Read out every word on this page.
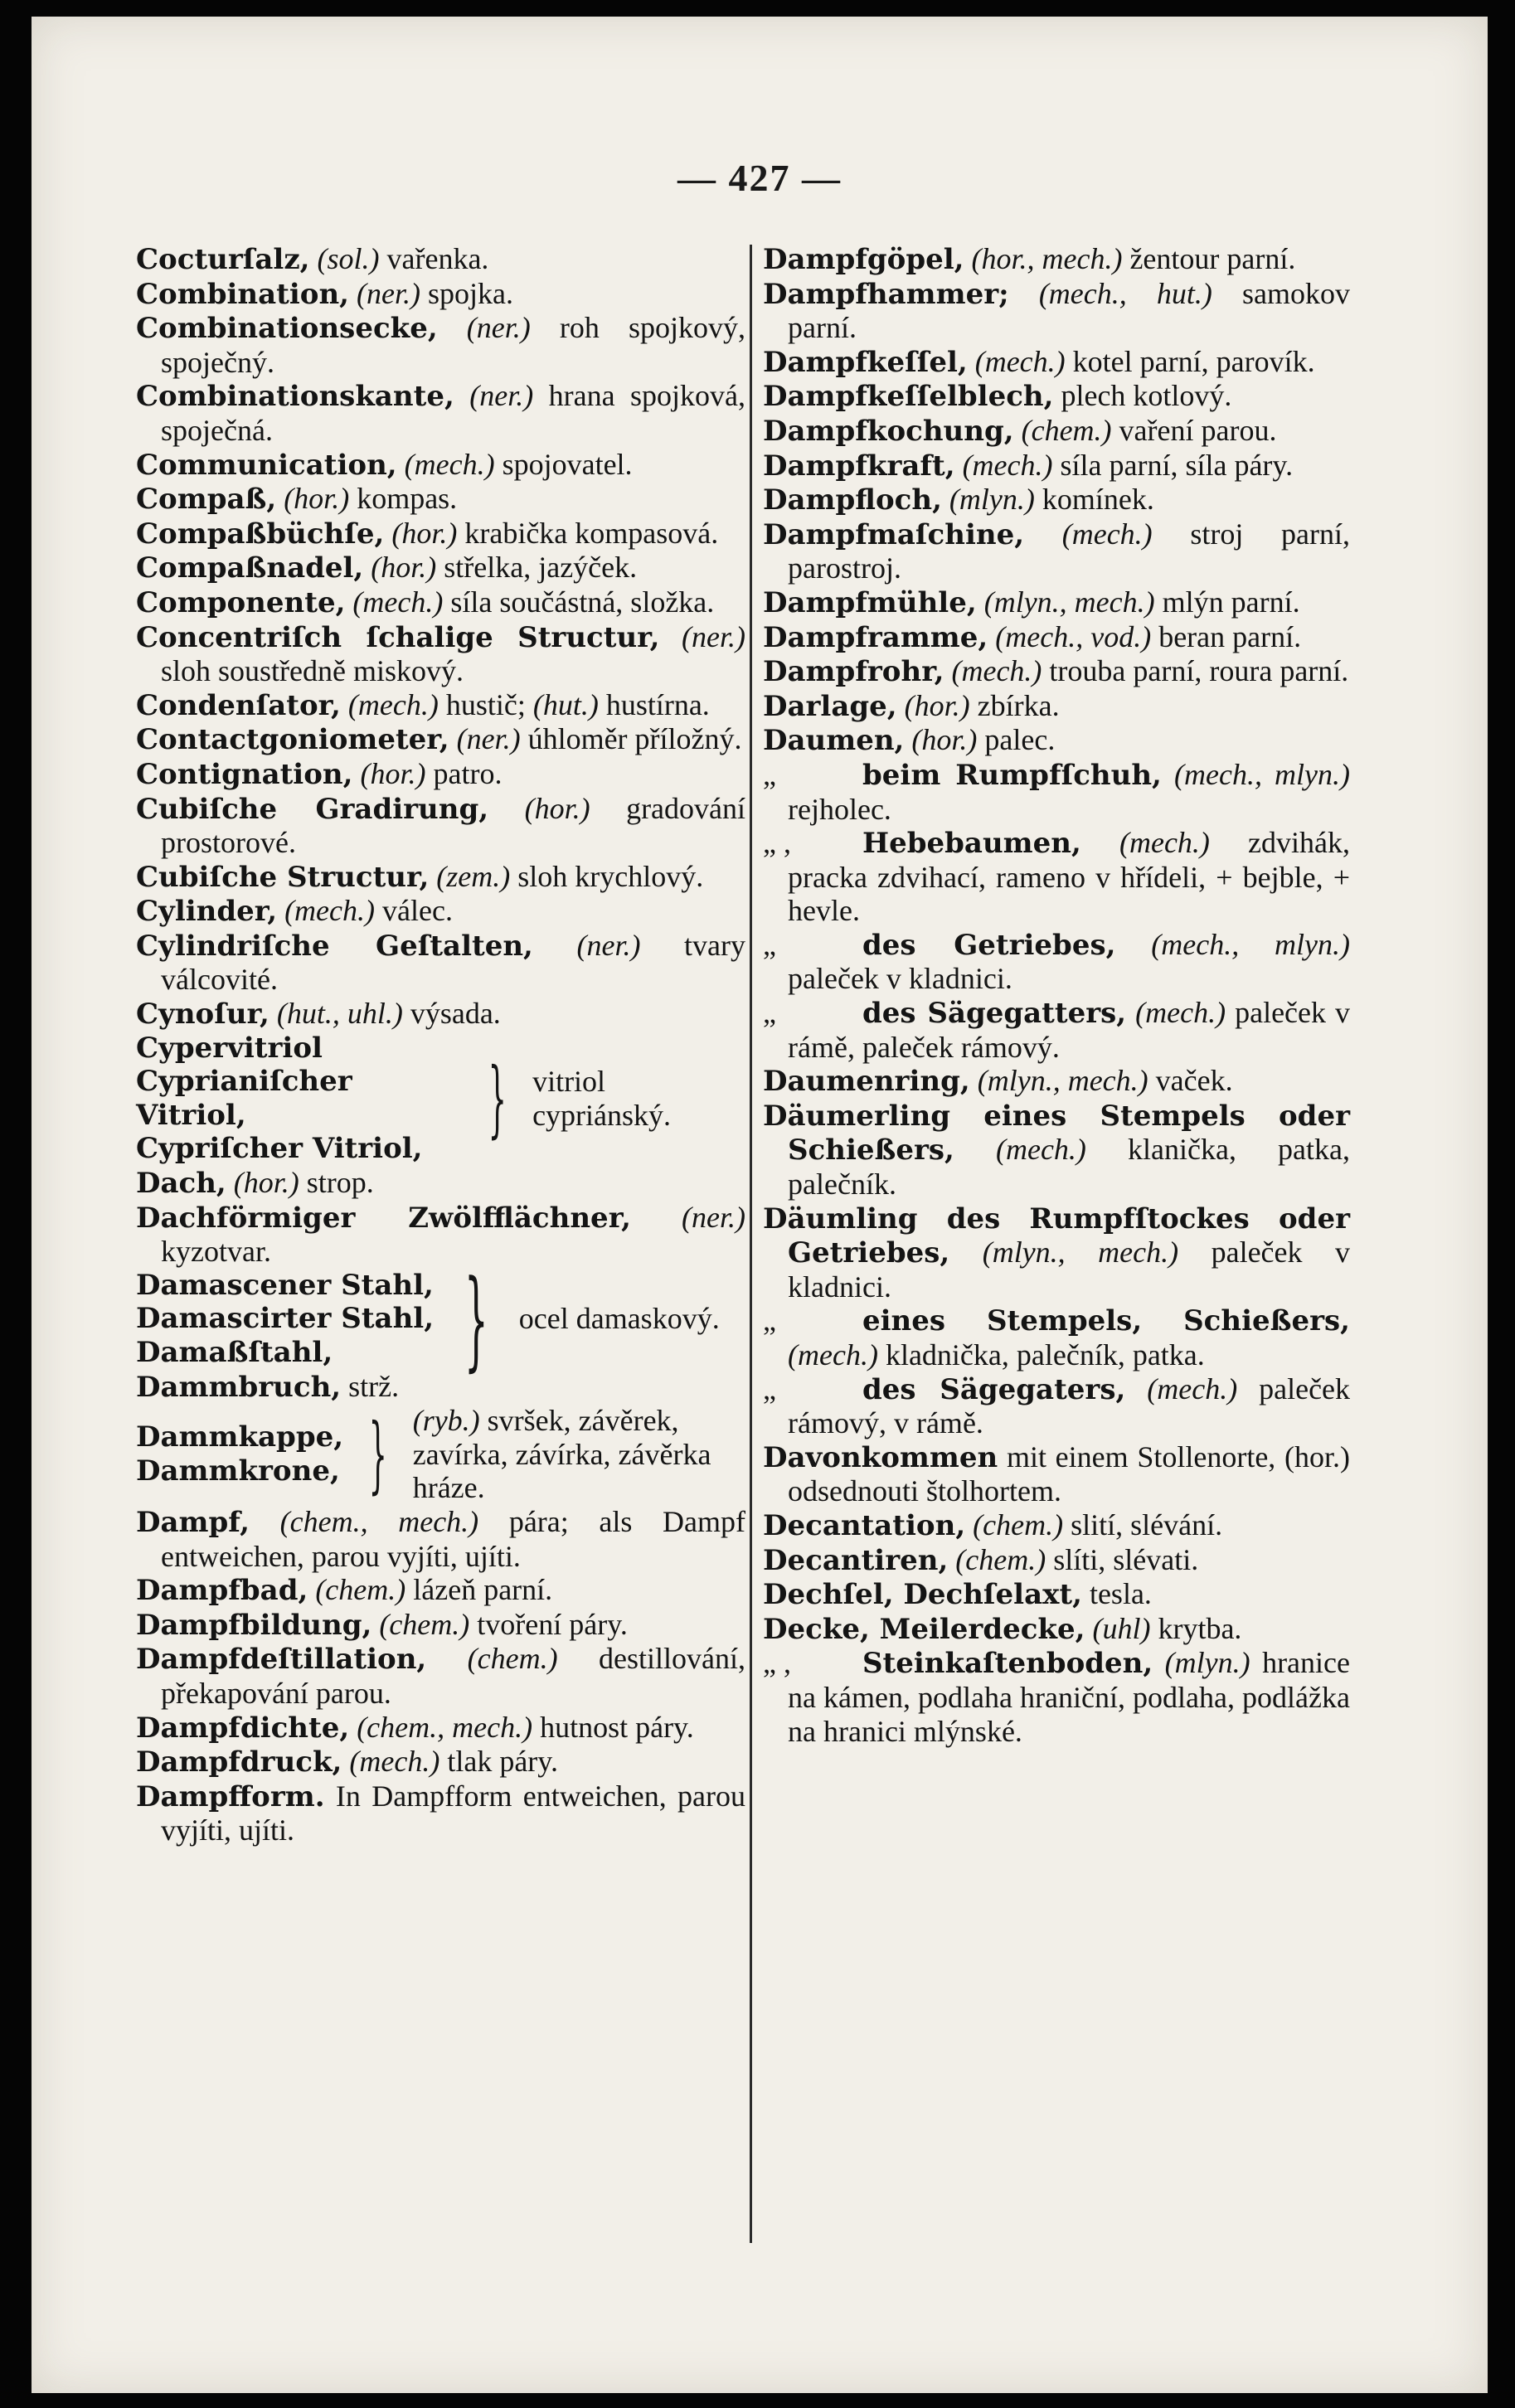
— 427 —

Cocturſalz, (sol.) vařenka.

Combination, (ner.) spojka.

Combinationsecke, (ner.) roh spojkový, spoječný.

Combinationskante, (ner.) hrana spojková, spoječná.

Communication, (mech.) spojovatel.

Compaß, (hor.) kompas.

Compaßbüchſe, (hor.) krabička kompasová.

Compaßnadel, (hor.) střelka, jazýček.

Componente, (mech.) síla součástná, složka.

Concentriſch ſchalige Structur, (ner.) sloh soustředně miskový.

Condenſator, (mech.) hustič; (hut.) hustírna.

Contactgoniometer, (ner.) úhloměr příložný.

Contignation, (hor.) patro.

Cubiſche Gradirung, (hor.) gradování prostorové.

Cubiſche Structur, (zem.) sloh krychlový.

Cylinder, (mech.) válec.

Cylindriſche Geſtalten, (ner.) tvary válcovité.

Cynoſur, (hut., uhl.) výsada.

Cypervitriol
Cyprianiſcher Vitriol,
Cypriſcher Vitriol,
} vitriol cypriánský.

Dach, (hor.) strop.

Dachförmiger Zwölfflächner, (ner.) kyzotvar.

Damascener Stahl,
Damascirter Stahl,
Damaßſtahl,	} ocel damaskový.

Dammbruch, strž.

Dammkappe,
Dammkrone, } (ryb.) svršek, závěrek, zavírka, závírka, závěrka hráze.

Dampf, (chem., mech.) pára; als Dampf entweichen, parou vyjíti, ujíti.

Dampfbad, (chem.) lázeň parní.

Dampfbildung, (chem.) tvoření páry.

Dampfdeſtillation, (chem.) destillování, překapování parou.

Dampfdichte, (chem., mech.) hutnost páry.

Dampfdruck, (mech.) tlak páry.

Dampfform. In Dampfform entweichen, parou vyjíti, ujíti.

Dampfgöpel, (hor., mech.) žentour parní.

Dampfhammer; (mech., hut.) samokov parní.

Dampfkeſſel, (mech.) kotel parní, parovík.

Dampfkeſſelblech, plech kotlový.

Dampfkochung, (chem.) vaření parou.

Dampfkraft, (mech.) síla parní, síla páry.

Dampfloch, (mlyn.) komínek.

Dampfmaſchine, (mech.) stroj parní, parostroj.

Dampfmühle, (mlyn., mech.) mlýn parní.

Dampframme, (mech., vod.) beran parní.

Dampfrohr, (mech.) trouba parní, roura parní.

Darlage, (hor.) zbírka.

Daumen, (hor.) palec.

„	beim Rumpfſchuh, (mech., mlyn.) rejholec.

„ ,	Hebebaumen, (mech.) zdvihák, pracka zdvihací, rameno v hřídeli, + bejble, + hevle.

„	des Getriebes, (mech., mlyn.) paleček v kladnici.

„	des Sägegatters, (mech.) paleček v rámě, paleček rámový.

Daumenring, (mlyn., mech.) vaček.

Däumerling eines Stempels oder Schießers, (mech.) klanička, patka, palečník.

Däumling des Rumpfſtockes oder Getriebes, (mlyn., mech.) paleček v kladnici.

„	eines Stempels, Schießers, (mech.) kladnička, palečník, patka.

„	des Sägegaters, (mech.) paleček rámový, v rámě.

Davonkommen mit einem Stollenorte, (hor.) odsednouti štolhortem.

Decantation, (chem.) slití, slévání.

Decantiren, (chem.) slíti, slévati.

Dechſel, Dechſelaxt, tesla.

Decke, Meilerdecke, (uhl) krytba.

„ ,	Steinkaſtenboden, (mlyn.) hranice na kámen, podlaha hraniční, podlaha, podlážka na hranici mlýnské.
